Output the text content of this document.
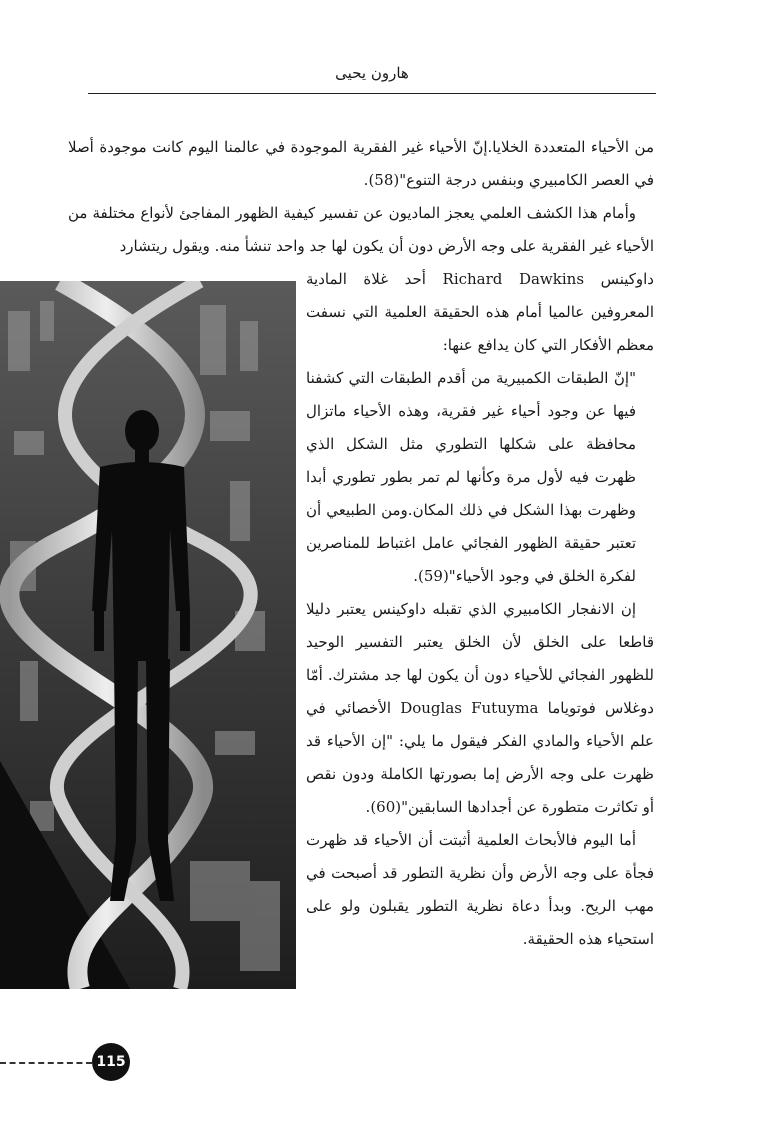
هارون يحيى

من الأحياء المتعددة الخلايا.إنّ الأحياء غير الفقرية الموجودة في عالمنا اليوم كانت موجودة أصلا في العصر الكامبيري وبنفس درجة التنوع"(58).

وأمام هذا الكشف العلمي يعجز الماديون عن تفسير كيفية الظهور المفاجئ لأنواع مختلفة من الأحياء غير الفقرية على وجه الأرض دون أن يكون لها جد واحد تنشأ منه. ويقول ريتشارد

داوكينس Richard Dawkins أحد غلاة المادية المعروفين عالميا أمام هذه الحقيقة العلمية التي نسفت معظم الأفكار التي كان يدافع عنها:

"إنّ الطبقات الكمبيرية من أقدم الطبقات التي كشفنا فيها عن وجود أحياء غير فقرية، وهذه الأحياء ماتزال محافظة على شكلها التطوري مثل الشكل الذي ظهرت فيه لأول مرة وكأنها لم تمر بطور تطوري أبدا وظهرت بهذا الشكل في ذلك المكان.ومن الطبيعي أن تعتبر حقيقة الظهور الفجائي عامل اغتباط للمناصرين لفكرة الخلق في وجود الأحياء"(59).

إن الانفجار الكامبيري الذي تقبله داوكينس يعتبر دليلا قاطعا على الخلق لأن الخلق يعتبر التفسير الوحيد للظهور الفجائي للأحياء دون أن يكون لها جد مشترك. أمّا دوغلاس فوتوياما Douglas Futuyma الأخصائي في علم الأحياء والمادي الفكر فيقول ما يلي: "إن الأحياء قد ظهرت على وجه الأرض إما بصورتها الكاملة ودون نقص أو تكاثرت متطورة عن أجدادها السابقين"(60).

أما اليوم فالأبحاث العلمية أثبتت أن الأحياء قد ظهرت فجأة على وجه الأرض وأن نظرية التطور قد أصبحت في مهب الريح. وبدأ دعاة نظرية التطور يقبلون ولو على استحياء هذه الحقيقة.

115
